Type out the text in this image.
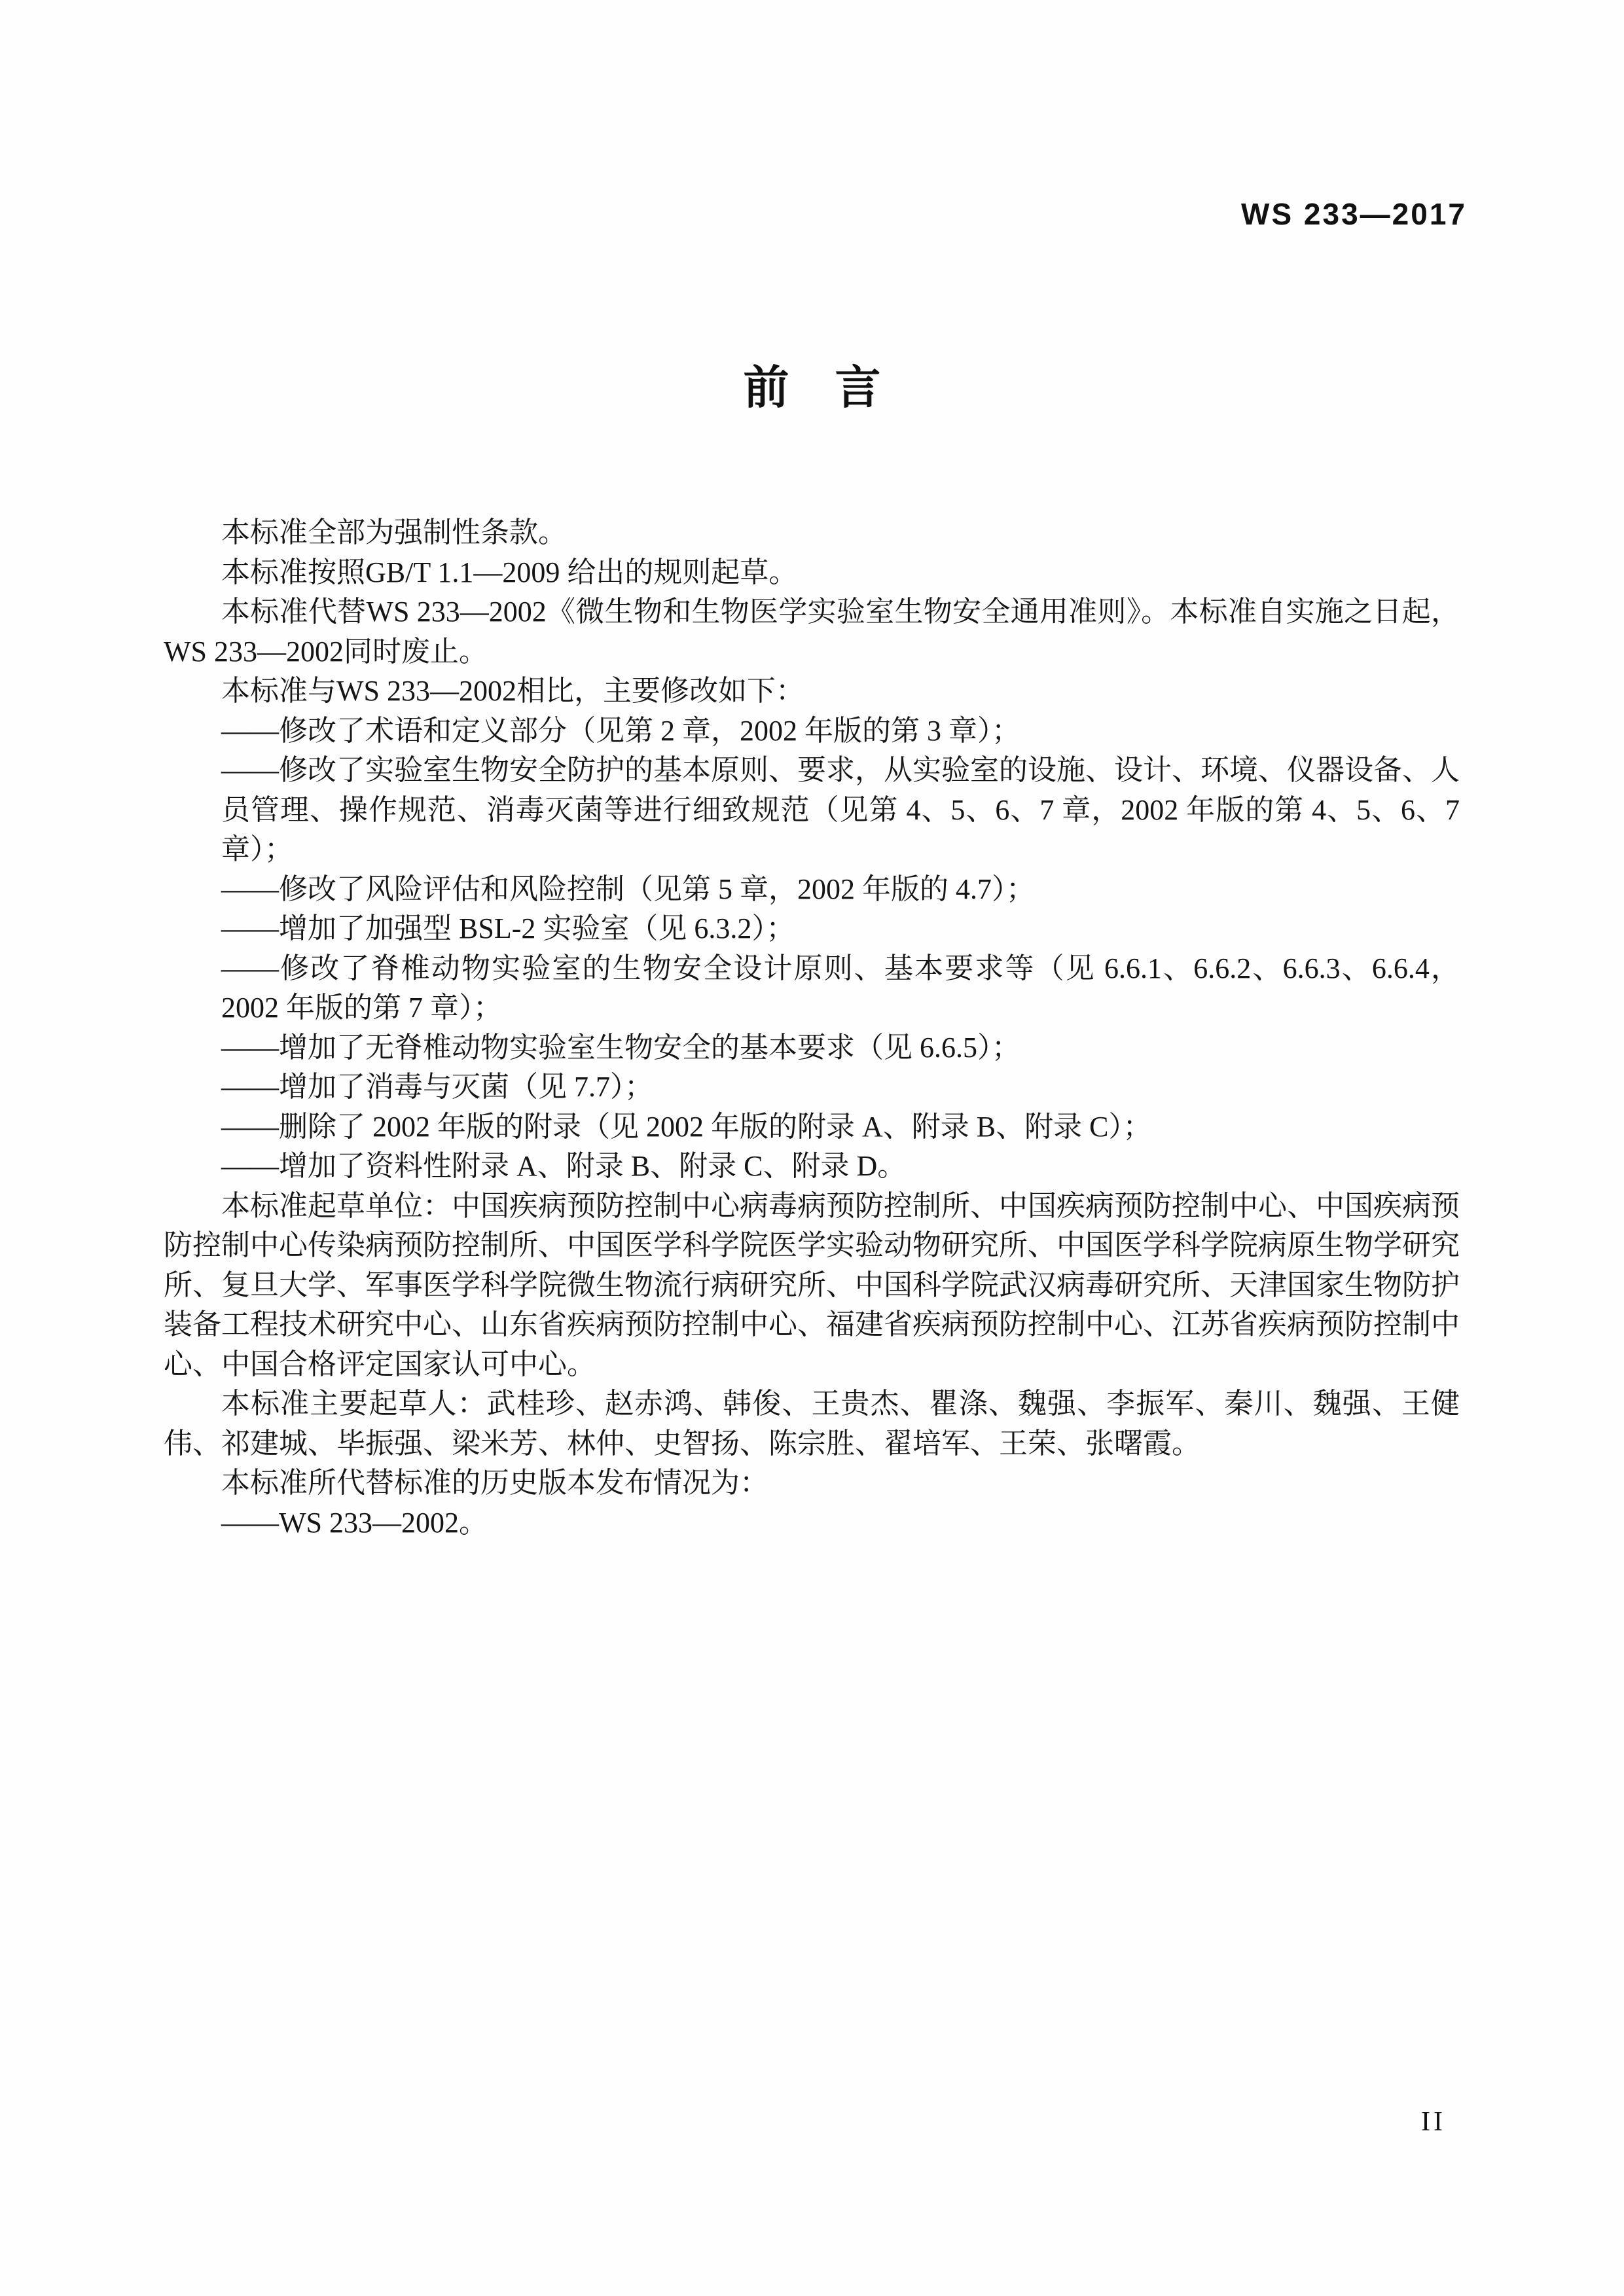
WS 233—2017
前　言

本标准全部为强制性条款。

本标准按照GB/T 1.1—2009 给出的规则起草。

本标准代替WS 233—2002《微生物和生物医学实验室生物安全通用准则》。本标准自实施之日起，WS 233—2002同时废止。

本标准与WS 233—2002相比，主要修改如下：

——修改了术语和定义部分（见第 2 章，2002 年版的第 3 章）；

——修改了实验室生物安全防护的基本原则、要求，从实验室的设施、设计、环境、仪器设备、人员管理、操作规范、消毒灭菌等进行细致规范（见第 4、5、6、7 章，2002 年版的第 4、5、6、7 章）；

——修改了风险评估和风险控制（见第 5 章，2002 年版的 4.7）；

——增加了加强型 BSL-2 实验室（见 6.3.2）；

——修改了脊椎动物实验室的生物安全设计原则、基本要求等（见 6.6.1、6.6.2、6.6.3、6.6.4，2002 年版的第 7 章）；

——增加了无脊椎动物实验室生物安全的基本要求（见 6.6.5）；

——增加了消毒与灭菌（见 7.7）；

——删除了 2002 年版的附录（见 2002 年版的附录 A、附录 B、附录 C）；

——增加了资料性附录 A、附录 B、附录 C、附录 D。

本标准起草单位：中国疾病预防控制中心病毒病预防控制所、中国疾病预防控制中心、中国疾病预防控制中心传染病预防控制所、中国医学科学院医学实验动物研究所、中国医学科学院病原生物学研究所、复旦大学、军事医学科学院微生物流行病研究所、中国科学院武汉病毒研究所、天津国家生物防护装备工程技术研究中心、山东省疾病预防控制中心、福建省疾病预防控制中心、江苏省疾病预防控制中心、中国合格评定国家认可中心。

本标准主要起草人：武桂珍、赵赤鸿、韩俊、王贵杰、瞿涤、魏强、李振军、秦川、魏强、王健伟、祁建城、毕振强、梁米芳、林仲、史智扬、陈宗胜、翟培军、王荣、张曙霞。

本标准所代替标准的历史版本发布情况为：

——WS 233—2002。

II
